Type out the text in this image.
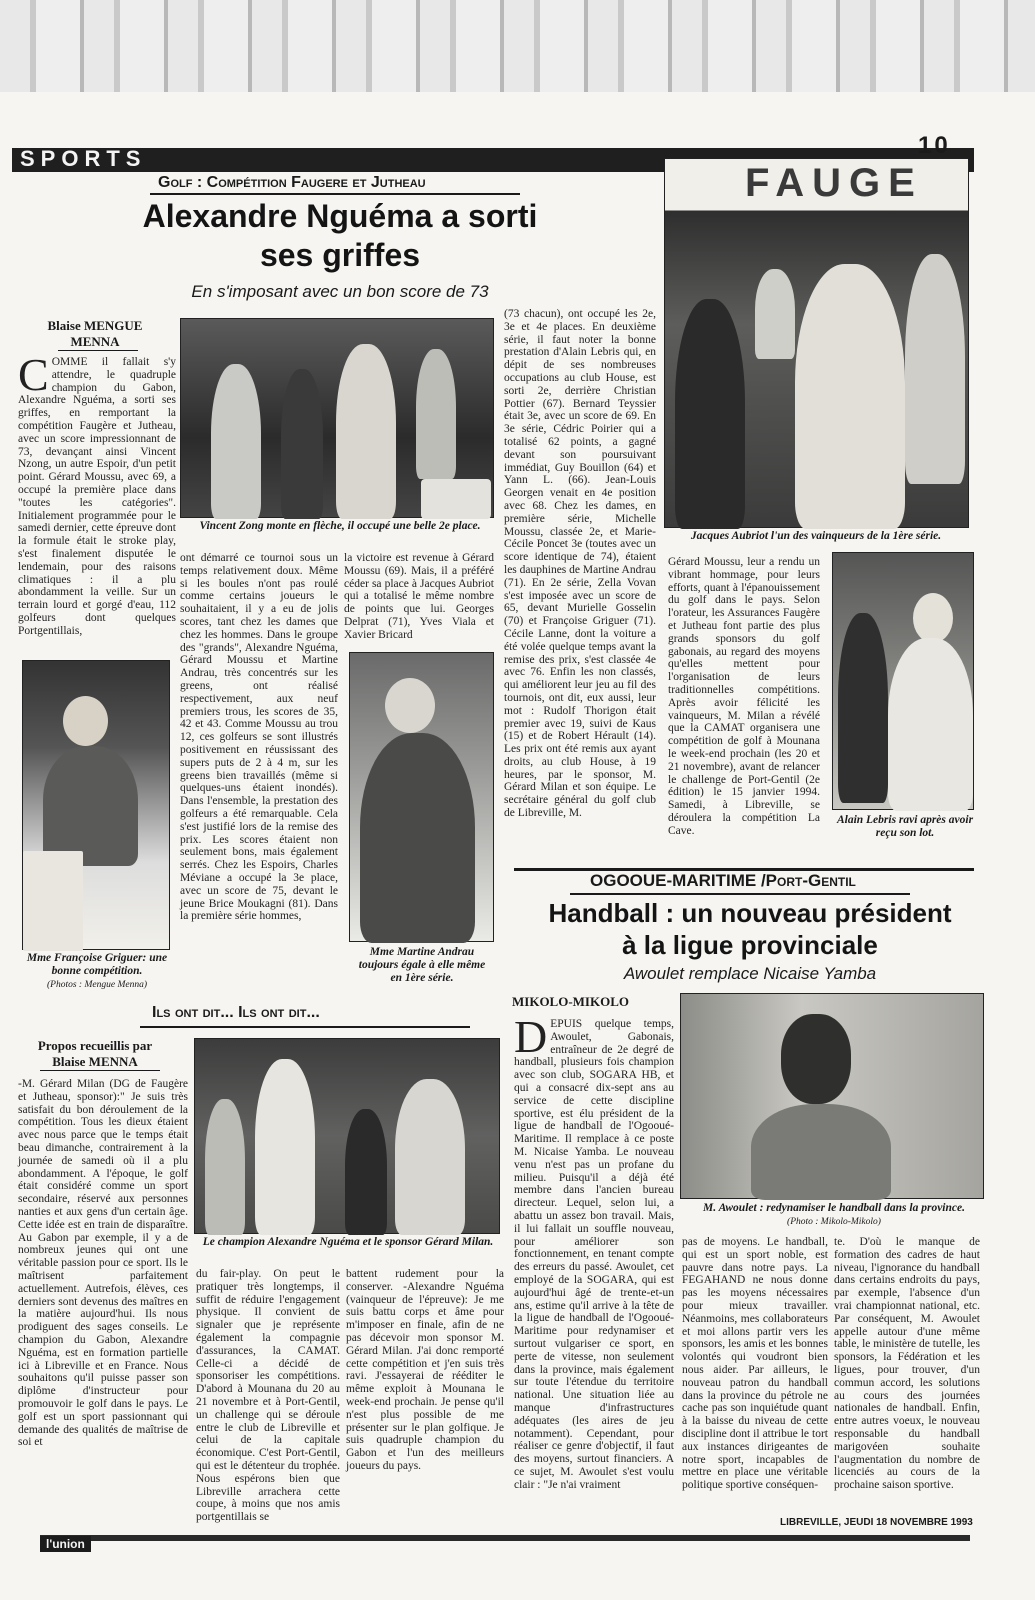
SPORTS	10
Golf : Compétition Faugere et Jutheau
Alexandre Nguéma a sorti
ses griffes
En s'imposant avec un bon score de 73
Blaise MENGUE MENNA
COMME il fallait s'y attendre, le quadruple champion du Gabon, Alexandre Nguéma, a sorti ses griffes, en remportant la compétition Faugère et Jutheau, avec un score impressionnant de 73, devançant ainsi Vincent Nzong, un autre Espoir, d'un petit point. Gérard Moussu, avec 69, a occupé la première place dans "toutes les catégories". Initialement programmée pour le samedi dernier, cette épreuve dont la formule était le stroke play, s'est finalement disputée le lendemain, pour des raisons climatiques : il a plu abondamment la veille. Sur un terrain lourd et gorgé d'eau, 112 golfeurs dont quelques Portgentillais,
Vincent Zong monte en flèche, il occupé une belle 2e place.
ont démarré ce tournoi sous un temps relativement doux. Même si les boules n'ont pas roulé comme certains joueurs le souhaitaient, il y a eu de jolis scores, tant chez les dames que chez les hommes. Dans le groupe des "grands", Alexandre Nguéma, Gérard Moussu et Martine Andrau, très concentrés sur les greens, ont réalisé respectivement, aux neuf premiers trous, les scores de 35, 42 et 43. Comme Moussu au trou 12, ces golfeurs se sont illustrés positivement en réussissant des supers puts de 2 à 4 m, sur les greens bien travaillés (même si quelques-uns étaient inondés). Dans l'ensemble, la prestation des golfeurs a été remarquable. Cela s'est justifié lors de la remise des prix. Les scores étaient non seulement bons, mais également serrés. Chez les Espoirs, Charles Méviane a occupé la 3e place, avec un score de 75, devant le jeune Brice Moukagni (81). Dans la première série hommes,
la victoire est revenue à Gérard Moussu (69). Mais, il a préféré céder sa place à Jacques Aubriot qui a totalisé le même nombre de points que lui. Georges Delprat (71), Yves Viala et Xavier Bricard
Mme Martine Andrau toujours égale à elle même en 1ère série.
Mme Françoise Griguer: une bonne compétition.
(Photos : Mengue Menna)
FAUGE
Jacques Aubriot l'un des vainqueurs de la 1ère série.
(73 chacun), ont occupé les 2e, 3e et 4e places. En deuxième série, il faut noter la bonne prestation d'Alain Lebris qui, en dépit de ses nombreuses occupations au club House, est sorti 2e, derrière Christian Pottier (67). Bernard Teyssier était 3e, avec un score de 69. En 3e série, Cédric Poirier qui a totalisé 62 points, a gagné devant son poursuivant immédiat, Guy Bouillon (64) et Yann L. (66). Jean-Louis Georgen venait en 4e position avec 68. Chez les dames, en première série, Michelle Moussu, classée 2e, et Marie-Cécile Poncet 3e (toutes avec un score identique de 74), étaient les dauphines de Martine Andrau (71). En 2e série, Zella Vovan s'est imposée avec un score de 65, devant Murielle Gosselin (70) et Françoise Griguer (71). Cécile Lanne, dont la voiture a été volée quelque temps avant la remise des prix, s'est classée 4e avec 76. Enfin les non classés, qui améliorent leur jeu au fil des tournois, ont dit, eux aussi, leur mot : Rudolf Thorigon était premier avec 19, suivi de Kaus (15) et de Robert Hérault (14). Les prix ont été remis aux ayant droits, au club House, à 19 heures, par le sponsor, M. Gérard Milan et son équipe. Le secrétaire général du golf club de Libreville, M.
Gérard Moussu, leur a rendu un vibrant hommage, pour leurs efforts, quant à l'épanouissement du golf dans le pays. Selon l'orateur, les Assurances Faugère et Jutheau font partie des plus grands sponsors du golf gabonais, au regard des moyens qu'elles mettent pour l'organisation de leurs traditionnelles compétitions. Après avoir félicité les vainqueurs, M. Milan a révélé que la CAMAT organisera une compétition de golf à Mounana le week-end prochain (les 20 et 21 novembre), avant de relancer le challenge de Port-Gentil (2e édition) le 15 janvier 1994. Samedi, à Libreville, se déroulera la compétition La Cave.
Alain Lebris ravi après avoir reçu son lot.
Ils ont dit... Ils ont dit...
Propos recueillis par Blaise MENNA
-M. Gérard Milan (DG de Faugère et Jutheau, sponsor):" Je suis très satisfait du bon déroulement de la compétition. Tous les dieux étaient avec nous parce que le temps était beau dimanche, contrairement à la journée de samedi où il a plu abondamment. A l'époque, le golf était considéré comme un sport secondaire, réservé aux personnes nanties et aux gens d'un certain âge. Cette idée est en train de disparaître. Au Gabon par exemple, il y a de nombreux jeunes qui ont une véritable passion pour ce sport. Ils le maîtrisent parfaitement actuellement. Autrefois, élèves, ces derniers sont devenus des maîtres en la matière aujourd'hui. Ils nous prodiguent des sages conseils. Le champion du Gabon, Alexandre Nguéma, est en formation partielle ici à Libreville et en France. Nous souhaitons qu'il puisse passer son diplôme d'instructeur pour promouvoir le golf dans le pays. Le golf est un sport passionnant qui demande des qualités de maîtrise de soi et
Le champion Alexandre Nguéma et le sponsor Gérard Milan.
du fair-play. On peut le pratiquer très longtemps, il suffit de réduire l'engagement physique. Il convient de signaler que je représente également la compagnie d'assurances, la CAMAT. Celle-ci a décidé de sponsoriser les compétitions. D'abord à Mounana du 20 au 21 novembre et à Port-Gentil, un challenge qui se déroule entre le club de Libreville et celui de la capitale économique. C'est Port-Gentil, qui est le détenteur du trophée. Nous espérons bien que Libreville arrachera cette coupe, à moins que nos amis portgentillais se
battent rudement pour la conserver. -Alexandre Nguéma (vainqueur de l'épreuve): Je me suis battu corps et âme pour m'imposer en finale, afin de ne pas décevoir mon sponsor M. Gérard Milan. J'ai donc remporté cette compétition et j'en suis très ravi. J'essayerai de rééditer le même exploit à Mounana le week-end prochain. Je pense qu'il n'est plus possible de me présenter sur le plan golfique. Je suis quadruple champion du Gabon et l'un des meilleurs joueurs du pays.
OGOOUE-MARITIME /Port-Gentil
Handball : un nouveau président
à la ligue provinciale
Awoulet remplace Nicaise Yamba
MIKOLO-MIKOLO
DEPUIS quelque temps, Awoulet, Gabonais, entraîneur de 2e degré de handball, plusieurs fois champion avec son club, SOGARA HB, et qui a consacré dix-sept ans au service de cette discipline sportive, est élu président de la ligue de handball de l'Ogooué-Maritime. Il remplace à ce poste M. Nicaise Yamba. Le nouveau venu n'est pas un profane du milieu. Puisqu'il a déjà été membre dans l'ancien bureau directeur. Lequel, selon lui, a abattu un assez bon travail. Mais, il lui fallait un souffle nouveau, pour améliorer son fonctionnement, en tenant compte des erreurs du passé. Awoulet, cet employé de la SOGARA, qui est aujourd'hui âgé de trente-et-un ans, estime qu'il arrive à la tête de la ligue de handball de l'Ogooué-Maritime pour redynamiser et surtout vulgariser ce sport, en perte de vitesse, non seulement dans la province, mais également sur toute l'étendue du territoire national. Une situation liée au manque d'infrastructures adéquates (les aires de jeu notamment). Cependant, pour réaliser ce genre d'objectif, il faut des moyens, surtout financiers. A ce sujet, M. Awoulet s'est voulu clair : "Je n'ai vraiment
M. Awoulet : redynamiser le handball dans la province.
(Photo : Mikolo-Mikolo)
pas de moyens. Le handball, qui est un sport noble, est pauvre dans notre pays. La FEGAHAND ne nous donne pas les moyens nécessaires pour mieux travailler. Néanmoins, mes collaborateurs et moi allons partir vers les sponsors, les amis et les bonnes volontés qui voudront bien nous aider. Par ailleurs, le nouveau patron du handball dans la province du pétrole ne cache pas son inquiétude quant à la baisse du niveau de cette discipline dont il attribue le tort aux instances dirigeantes de notre sport, incapables de mettre en place une véritable politique sportive conséquen-
te. D'où le manque de formation des cadres de haut niveau, l'ignorance du handball dans certains endroits du pays, par exemple, l'absence d'un vrai championnat national, etc. Par conséquent, M. Awoulet appelle autour d'une même table, le ministère de tutelle, les sponsors, la Fédération et les ligues, pour trouver, d'un commun accord, les solutions au cours des journées nationales de handball. Enfin, entre autres voeux, le nouveau responsable du handball marigovéen souhaite l'augmentation du nombre de licenciés au cours de la prochaine saison sportive.
LIBREVILLE, JEUDI 18 NOVEMBRE 1993
l'union
